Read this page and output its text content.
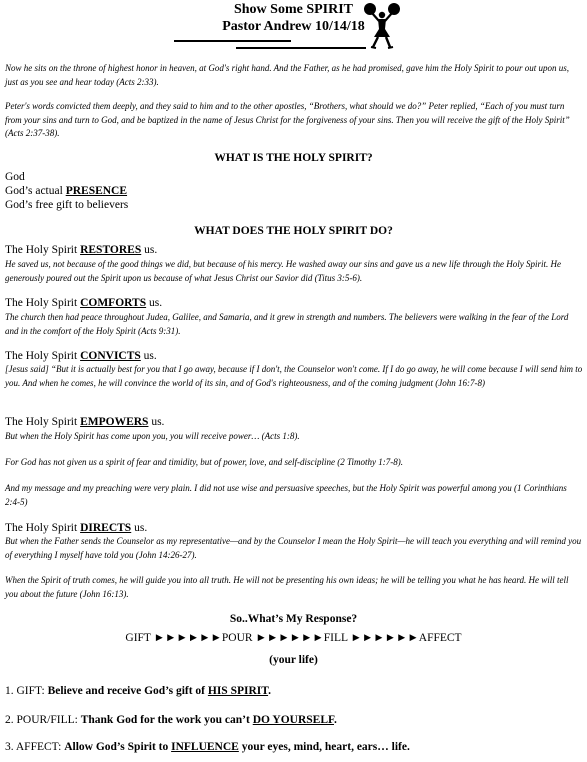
Show Some SPIRIT
Pastor Andrew 10/14/18
Now he sits on the throne of highest honor in heaven, at God's right hand. And the Father, as he had promised, gave him the Holy Spirit to pour out upon us, just as you see and hear today (Acts 2:33).
Peter's words convicted them deeply, and they said to him and to the other apostles, “Brothers, what should we do?” Peter replied, “Each of you must turn from your sins and turn to God, and be baptized in the name of Jesus Christ for the forgiveness of your sins. Then you will receive the gift of the Holy Spirit” (Acts 2:37-38).
WHAT IS THE HOLY SPIRIT?
God
God’s actual PRESENCE
God’s free gift to believers
WHAT DOES THE HOLY SPIRIT DO?
The Holy Spirit RESTORES us.
He saved us, not because of the good things we did, but because of his mercy. He washed away our sins and gave us a new life through the Holy Spirit. He generously poured out the Spirit upon us because of what Jesus Christ our Savior did (Titus 3:5-6).
The Holy Spirit COMFORTS us.
The church then had peace throughout Judea, Galilee, and Samaria, and it grew in strength and numbers. The believers were walking in the fear of the Lord and in the comfort of the Holy Spirit (Acts 9:31).
The Holy Spirit CONVICTS us.
[Jesus said] “But it is actually best for you that I go away, because if I don't, the Counselor won't come. If I do go away, he will come because I will send him to you. And when he comes, he will convince the world of its sin, and of God's righteousness, and of the coming judgment (John 16:7-8)
The Holy Spirit EMPOWERS us.
But when the Holy Spirit has come upon you, you will receive power… (Acts 1:8).
For God has not given us a spirit of fear and timidity, but of power, love, and self-discipline (2 Timothy 1:7-8).
And my message and my preaching were very plain. I did not use wise and persuasive speeches, but the Holy Spirit was powerful among you (1 Corinthians 2:4-5)
The Holy Spirit DIRECTS us.
But when the Father sends the Counselor as my representative—and by the Counselor I mean the Holy Spirit—he will teach you everything and will remind you of everything I myself have told you (John 14:26-27).
When the Spirit of truth comes, he will guide you into all truth. He will not be presenting his own ideas; he will be telling you what he has heard. He will tell you about the future (John 16:13).
So..What’s My Response?
GIFT ►►►►►►POUR ►►►►►►FILL ►►►►►►AFFECT
(your life)
1. GIFT: Believe and receive God’s gift of HIS SPIRIT.
2. POUR/FILL: Thank God for the work you can’t DO YOURSELF.
3. AFFECT: Allow God’s Spirit to INFLUENCE your eyes, mind, heart, ears… life.
